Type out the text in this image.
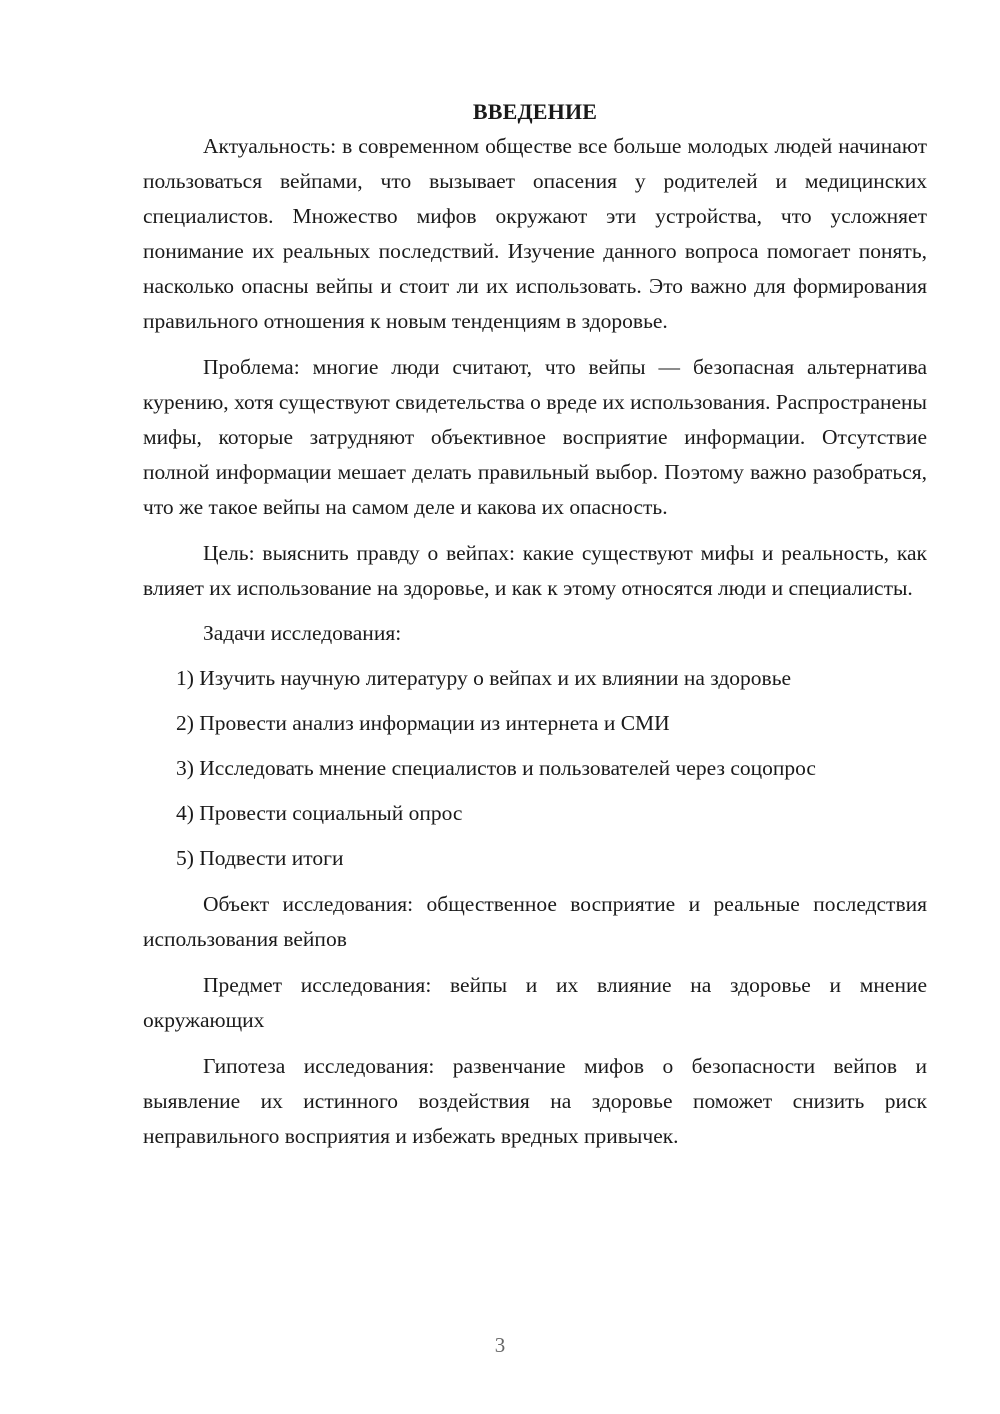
ВВЕДЕНИЕ

Актуальность: в современном обществе все больше молодых людей начинают пользоваться вейпами, что вызывает опасения у родителей и медицинских специалистов. Множество мифов окружают эти устройства, что усложняет понимание их реальных последствий. Изучение данного вопроса помогает понять, насколько опасны вейпы и стоит ли их использовать. Это важно для формирования правильного отношения к новым тенденциям в здоровье.

Проблема: многие люди считают, что вейпы — безопасная альтернатива курению, хотя существуют свидетельства о вреде их использования. Распространены мифы, которые затрудняют объективное восприятие информации. Отсутствие полной информации мешает делать правильный выбор. Поэтому важно разобраться, что же такое вейпы на самом деле и какова их опасность.

Цель: выяснить правду о вейпах: какие существуют мифы и реальность, как влияет их использование на здоровье, и как к этому относятся люди и специалисты.

Задачи исследования:

1) Изучить научную литературу о вейпах и их влиянии на здоровье
2) Провести анализ информации из интернета и СМИ
3) Исследовать мнение специалистов и пользователей через соцопрос
4) Провести социальный опрос
5) Подвести итоги

Объект исследования: общественное восприятие и реальные последствия использования вейпов

Предмет исследования: вейпы и их влияние на здоровье и мнение окружающих

Гипотеза исследования: развенчание мифов о безопасности вейпов и выявление их истинного воздействия на здоровье поможет снизить риск неправильного восприятия и избежать вредных привычек.

3
